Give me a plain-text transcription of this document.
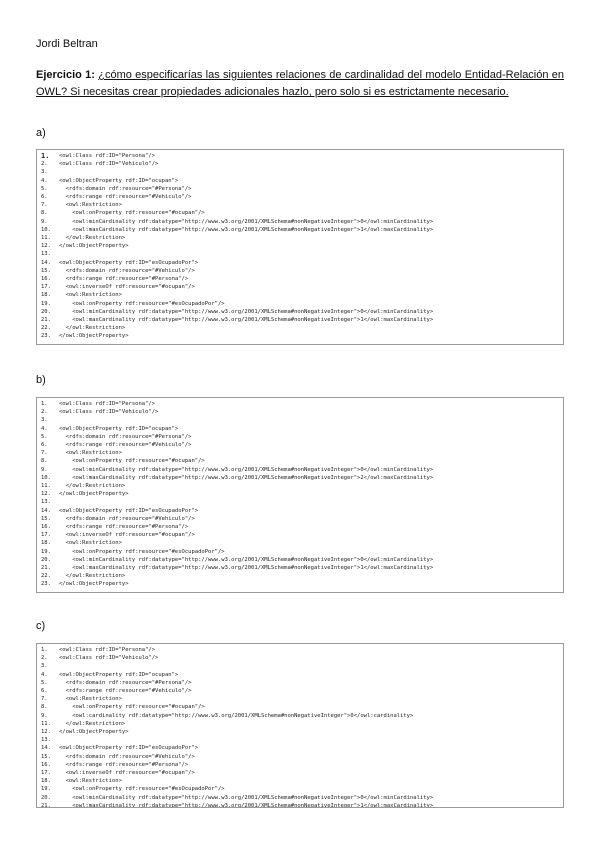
Jordi Beltran
Ejercicio 1: ¿cómo especificarías las siguientes relaciones de cardinalidad del modelo Entidad-Relación en OWL? Si necesitas crear propiedades adicionales hazlo, pero solo si es estrictamente necesario.
a)
1.	<owl:Class rdf:ID="Persona"/>
2.	<owl:Class rdf:ID="Vehiculo"/>
3.
4.	<owl:ObjectProperty rdf:ID="ocupan">
5.	<rdfs:domain rdf:resource="#Persona"/>
6.	<rdfs:range rdf:resource="#Vehiculo"/>
7.	<owl:Restriction>
8.	<owl:onProperty rdf:resource="#ocupan"/>
9.	<owl:minCardinality rdf:datatype="http://www.w3.org/2001/XMLSchema#nonNegativeInteger">0</owl:minCardinality>
10.	<owl:maxCardinality rdf:datatype="http://www.w3.org/2001/XMLSchema#nonNegativeInteger">1</owl:maxCardinality>
11.	</owl:Restriction>
12.	</owl:ObjectProperty>
13.
14.	<owl:ObjectProperty rdf:ID="esOcupadoPor">
15.	<rdfs:domain rdf:resource="#Vehiculo"/>
16.	<rdfs:range rdf:resource="#Persona"/>
17.	<owl:inverseOf rdf:resource="#ocupan"/>
18.	<owl:Restriction>
19.	<owl:onProperty rdf:resource="#esOcupadoPor"/>
20.	<owl:minCardinality rdf:datatype="http://www.w3.org/2001/XMLSchema#nonNegativeInteger">0</owl:minCardinality>
21.	<owl:maxCardinality rdf:datatype="http://www.w3.org/2001/XMLSchema#nonNegativeInteger">1</owl:maxCardinality>
22.	</owl:Restriction>
23.	</owl:ObjectProperty>
b)
1.	<owl:Class rdf:ID="Persona"/>
2.	<owl:Class rdf:ID="Vehiculo"/>
3.
4.	<owl:ObjectProperty rdf:ID="ocupan">
5.	<rdfs:domain rdf:resource="#Persona"/>
6.	<rdfs:range rdf:resource="#Vehiculo"/>
7.	<owl:Restriction>
8.	<owl:onProperty rdf:resource="#ocupan"/>
9.	<owl:minCardinality rdf:datatype="http://www.w3.org/2001/XMLSchema#nonNegativeInteger">0</owl:minCardinality>
10.	<owl:maxCardinality rdf:datatype="http://www.w3.org/2001/XMLSchema#nonNegativeInteger">2</owl:maxCardinality>
11.	</owl:Restriction>
12.	</owl:ObjectProperty>
13.
14.	<owl:ObjectProperty rdf:ID="esOcupadoPor">
15.	<rdfs:domain rdf:resource="#Vehiculo"/>
16.	<rdfs:range rdf:resource="#Persona"/>
17.	<owl:inverseOf rdf:resource="#ocupan"/>
18.	<owl:Restriction>
19.	<owl:onProperty rdf:resource="#esOcupadoPor"/>
20.	<owl:minCardinality rdf:datatype="http://www.w3.org/2001/XMLSchema#nonNegativeInteger">0</owl:minCardinality>
21.	<owl:maxCardinality rdf:datatype="http://www.w3.org/2001/XMLSchema#nonNegativeInteger">1</owl:maxCardinality>
22.	</owl:Restriction>
23.	</owl:ObjectProperty>
c)
1.	<owl:Class rdf:ID="Persona"/>
2.	<owl:Class rdf:ID="Vehiculo"/>
3.
4.	<owl:ObjectProperty rdf:ID="ocupan">
5.	<rdfs:domain rdf:resource="#Persona"/>
6.	<rdfs:range rdf:resource="#Vehiculo"/>
7.	<owl:Restriction>
8.	<owl:onProperty rdf:resource="#ocupan"/>
9.	<owl:cardinality rdf:datatype="http://www.w3.org/2001/XMLSchema#nonNegativeInteger">0</owl:cardinality>
11.	</owl:Restriction>
12.	</owl:ObjectProperty>
13.
14.	<owl:ObjectProperty rdf:ID="esOcupadoPor">
15.	<rdfs:domain rdf:resource="#Vehiculo"/>
16.	<rdfs:range rdf:resource="#Persona"/>
17.	<owl:inverseOf rdf:resource="#ocupan"/>
18.	<owl:Restriction>
19.	<owl:onProperty rdf:resource="#esOcupadoPor"/>
20.	<owl:minCardinality rdf:datatype="http://www.w3.org/2001/XMLSchema#nonNegativeInteger">0</owl:minCardinality>
21.	<owl:maxCardinality rdf:datatype="http://www.w3.org/2001/XMLSchema#nonNegativeInteger">1</owl:maxCardinality>
